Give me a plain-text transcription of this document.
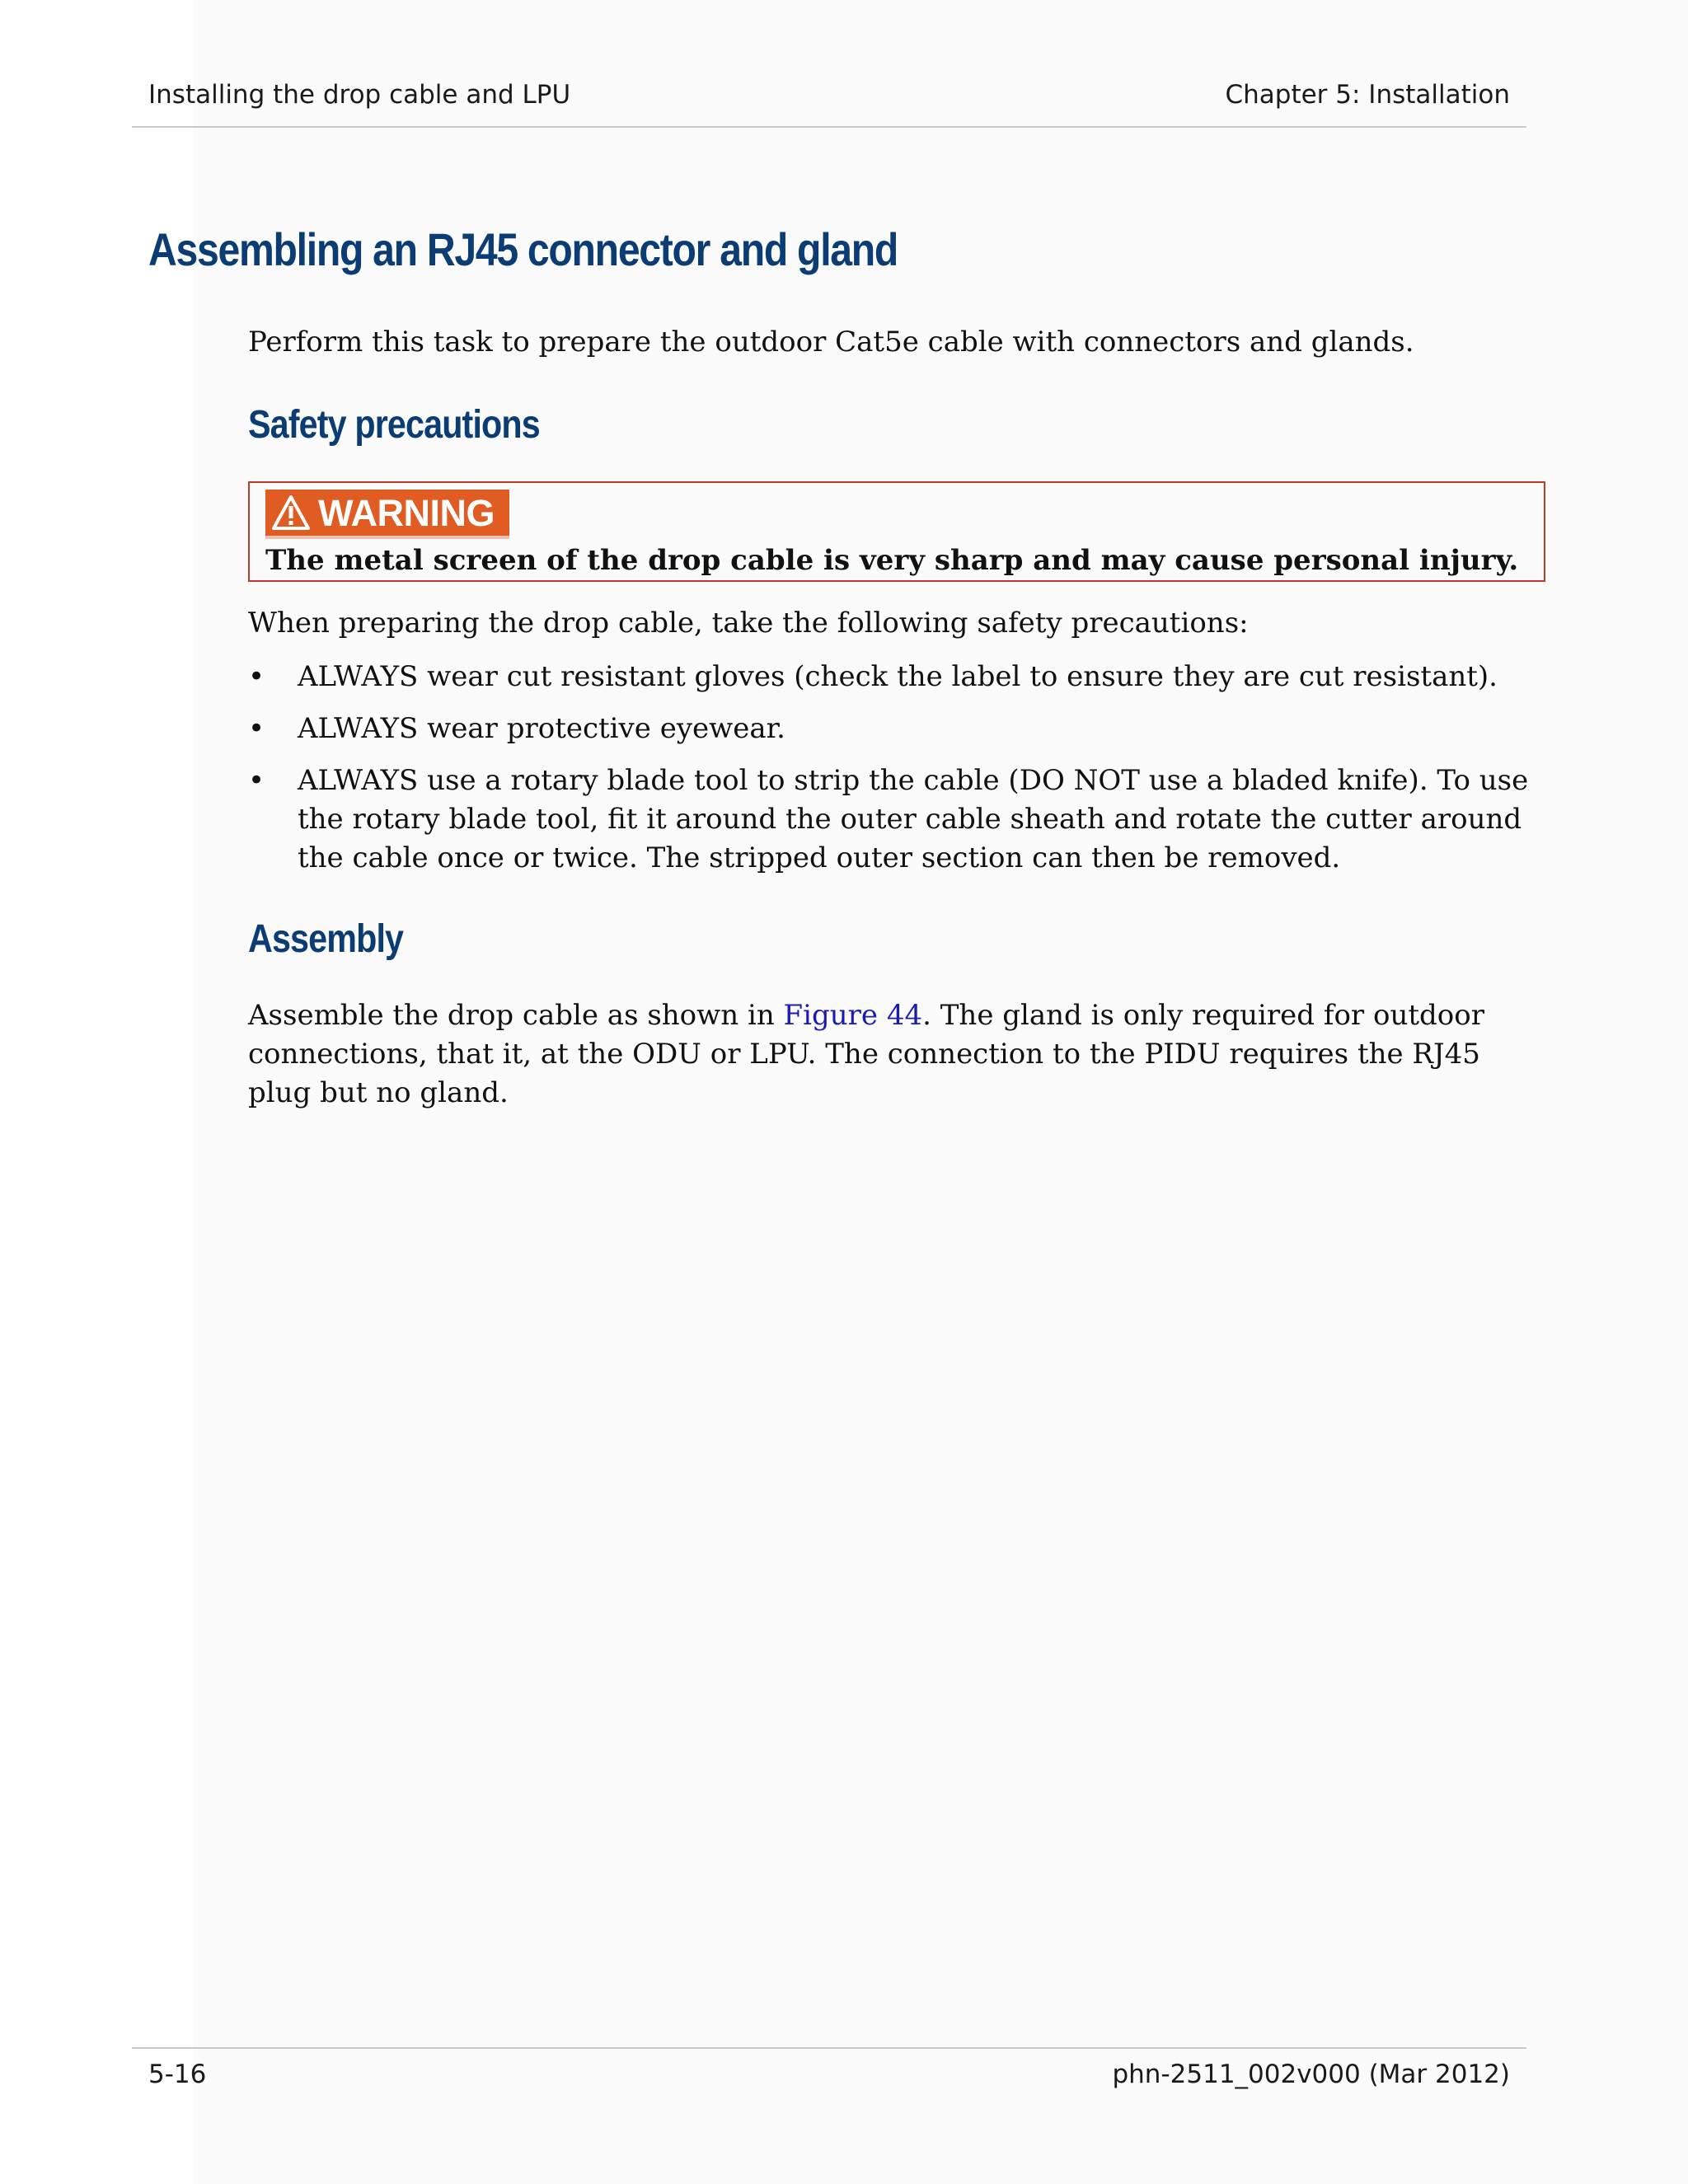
Installing the drop cable and LPU	Chapter 5: Installation
Assembling an RJ45 connector and gland

Perform this task to prepare the outdoor Cat5e cable with connectors and glands.

Safety precautions
WARNING
The metal screen of the drop cable is very sharp and may cause personal injury.

When preparing the drop cable, take the following safety precautions:

• ALWAYS wear cut resistant gloves (check the label to ensure they are cut resistant).
• ALWAYS wear protective eyewear.
• ALWAYS use a rotary blade tool to strip the cable (DO NOT use a bladed knife). To use the rotary blade tool, fit it around the outer cable sheath and rotate the cutter around the cable once or twice. The stripped outer section can then be removed.
Assembly

Assemble the drop cable as shown in Figure 44. The gland is only required for outdoor connections, that it, at the ODU or LPU. The connection to the PIDU requires the RJ45 plug but no gland.

5-16	phn-2511_002v000 (Mar 2012)
